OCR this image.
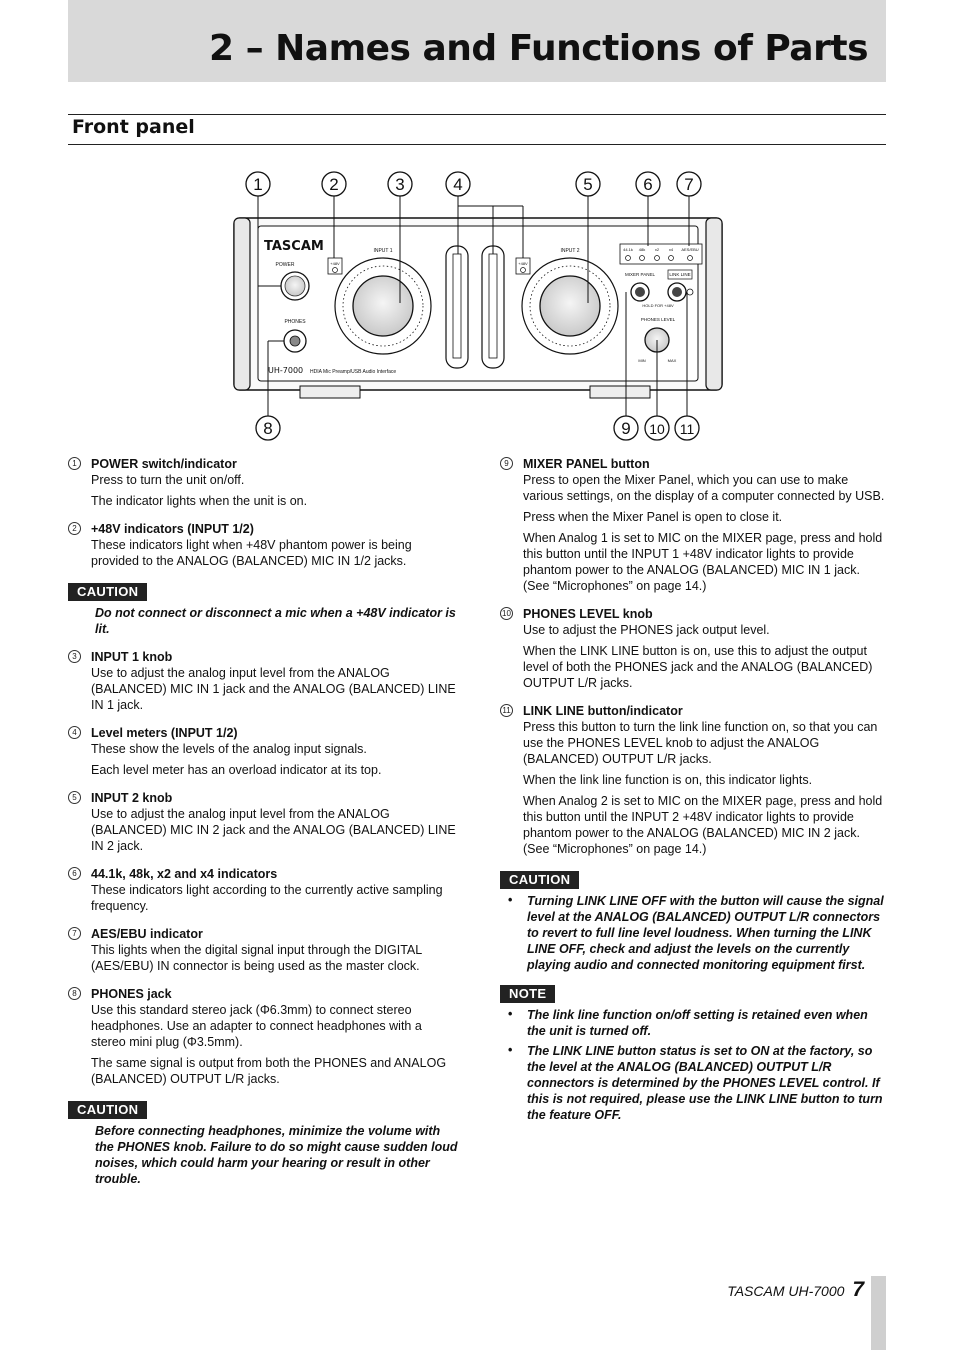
2 – Names and Functions of Parts
Front panel
1	2	3	4	5	6 7
8	9 10 11
TASCAM
POWER
PHONES
+48V
INPUT 1
+48V
INPUT 2	44.1k 48k x2 x4 AES/EBU
MIXER PANEL	LINK LINE
HOLD FOR +48V
PHONES LEVEL
MIN	MAX
UH-7000 HDIA Mic Preamp/USB Audio Interface
1	POWER switch/indicator

Press to turn the unit on/off.

The indicator lights when the unit is on.

2	+48V indicators (INPUT 1/2)

These indicators light when +48V phantom power is being provided to the ANALOG (BALANCED) MIC IN 1/2 jacks.

CAUTION
Do not connect or disconnect a mic when a +48V indicator is lit.
3	INPUT 1 knob

Use to adjust the analog input level from the ANALOG (BALANCED) MIC IN 1 jack and the ANALOG (BALANCED) LINE IN 1 jack.

4	Level meters (INPUT 1/2)

These show the levels of the analog input signals.

Each level meter has an overload indicator at its top.

5	INPUT 2 knob

Use to adjust the analog input level from the ANALOG (BALANCED) MIC IN 2 jack and the ANALOG (BALANCED) LINE IN 2 jack.

6	44.1k, 48k, x2 and x4 indicators

These indicators light according to the currently active sampling frequency.

7	AES/EBU indicator

This lights when the digital signal input through the DIGITAL (AES/EBU) IN connector is being used as the master clock.

8	PHONES jack

Use this standard stereo jack (Φ6.3mm) to connect stereo headphones. Use an adapter to connect headphones with a stereo mini plug (Φ3.5mm).

The same signal is output from both the PHONES and ANALOG (BALANCED) OUTPUT L/R jacks.

CAUTION
Before connecting headphones, minimize the volume with the PHONES knob. Failure to do so might cause sudden loud noises, which could harm your hearing or result in other trouble.
9	MIXER PANEL button

Press to open the Mixer Panel, which you can use to make various settings, on the display of a computer connected by USB.

Press when the Mixer Panel is open to close it.

When Analog 1 is set to MIC on the MIXER page, press and hold this button until the INPUT 1 +48V indicator lights to provide phantom power to the ANALOG (BALANCED) MIC IN 1 jack. (See “Microphones” on page 14.)

10 PHONES LEVEL knob

Use to adjust the PHONES jack output level.

When the LINK LINE button is on, use this to adjust the output level of both the PHONES jack and the ANALOG (BALANCED) OUTPUT L/R jacks.

11 LINK LINE button/indicator

Press this button to turn the link line function on, so that you can use the PHONES LEVEL knob to adjust the ANALOG (BALANCED) OUTPUT L/R jacks.

When the link line function is on, this indicator lights.

When Analog 2 is set to MIC on the MIXER page, press and hold this button until the INPUT 2 +48V indicator lights to provide phantom power to the ANALOG (BALANCED) MIC IN 2 jack. (See “Microphones” on page 14.)

CAUTION
• Turning LINK LINE OFF with the button will cause the signal level at the ANALOG (BALANCED) OUTPUT L/R connectors to revert to full line level loudness. When turning the LINK LINE OFF, check and adjust the levels on the currently playing audio and connected monitoring equipment first.
NOTE
• The link line function on/off setting is retained even when the unit is turned off.
• The LINK LINE button status is set to ON at the factory, so the level at the ANALOG (BALANCED) OUTPUT L/R connectors is determined by the PHONES LEVEL control. If this is not required, please use the LINK LINE button to turn the feature OFF.
TASCAM UH-7000 7
